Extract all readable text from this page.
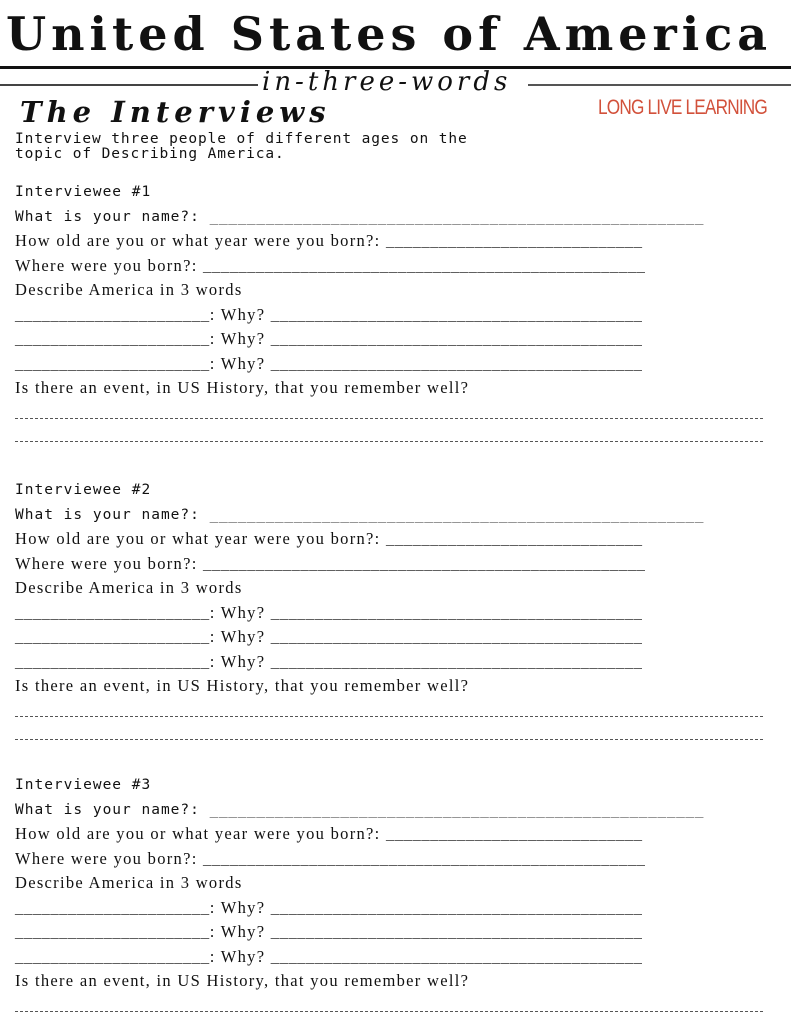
United States of America
in-three-words
The Interviews	LONG LIVE LEARNING
Interview three people of different ages on the
topic of Describing America.
Interviewee #1
What is your name?: _____________________________________________________
How old are you or what year were you born?: _____________________________
Where were you born?: __________________________________________________
Describe America in 3 words
______________________: Why? __________________________________________
______________________: Why? __________________________________________
______________________: Why? __________________________________________
Is there an event, in US History, that you remember well?
Interviewee #2
What is your name?: _____________________________________________________
How old are you or what year were you born?: _____________________________
Where were you born?: __________________________________________________
Describe America in 3 words
______________________: Why? __________________________________________
______________________: Why? __________________________________________
______________________: Why? __________________________________________
Is there an event, in US History, that you remember well?
Interviewee #3
What is your name?: _____________________________________________________
How old are you or what year were you born?: _____________________________
Where were you born?: __________________________________________________
Describe America in 3 words
______________________: Why? __________________________________________
______________________: Why? __________________________________________
______________________: Why? __________________________________________
Is there an event, in US History, that you remember well?
